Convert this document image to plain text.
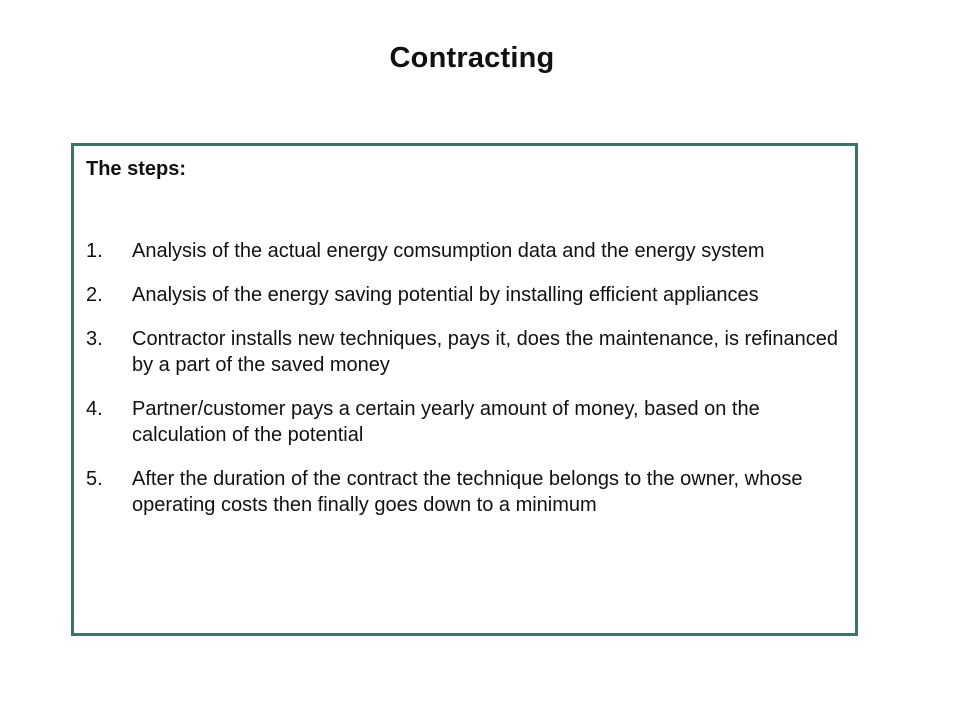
Contracting

The steps:

1.	Analysis of the actual energy comsumption data and the energy system
2.	Analysis of the energy saving potential by installing efficient appliances
3.	Contractor installs new techniques, pays it, does the maintenance, is refinanced by a part of the saved money
4.	Partner/customer pays a certain yearly amount of money, based on the calculation of the potential
5.	After the duration of the contract the technique belongs to the owner, whose operating costs then finally goes down to a minimum
